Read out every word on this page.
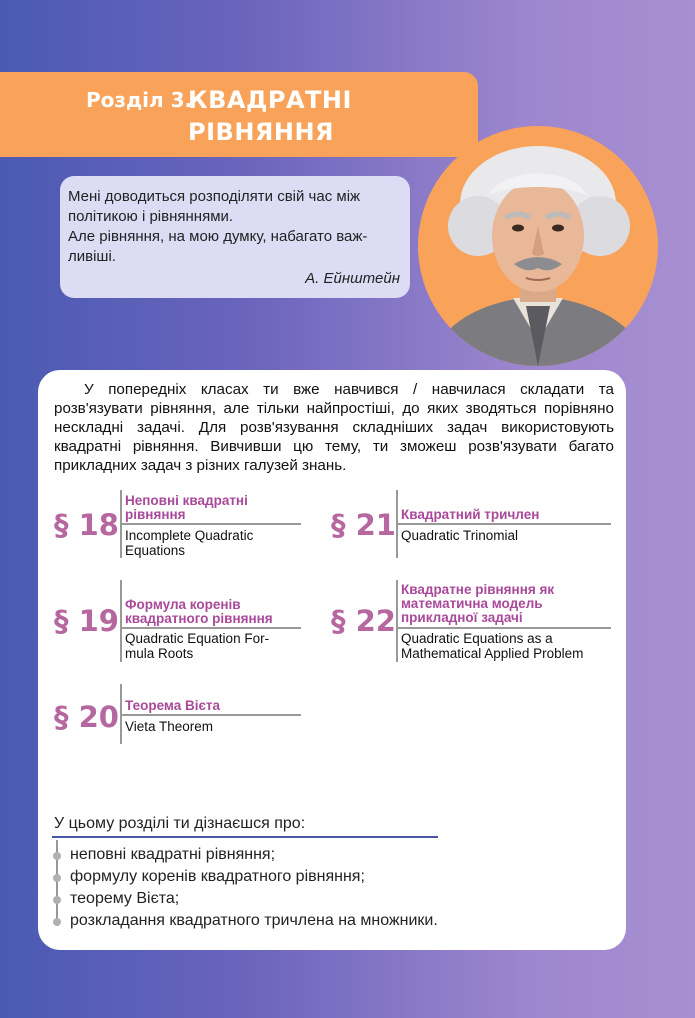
Розділ 3.
КВАДРАТНІ
РІВНЯННЯ
Мені доводиться розподіляти свій час між
політикою і рівняннями.
Але рівняння, на мою думку, набагато важ-
ливіші.
А. Ейнштейн
У попередніх класах ти вже навчився / навчилася складати та розв'язувати рівняння, але тільки найпростіші, до яких зводяться порівняно нескладні задачі. Для розв'язування складніших задач використовують квадратні рівняння. Вивчивши цю тему, ти зможеш розв'язувати багато прикладних задач з різних галузей знань.
§ 18
Неповні квадратні
рівняння
Incomplete Quadratic
Equations
§ 21 Квадратний тричлен
Quadratic Trinomial
§ 19 Формула коренів
квадратного рівняння
Quadratic Equation For-
mula Roots
§ 22
Квадратне рівняння як
математична модель
прикладної задачі
Quadratic Equations as a
Mathematical Applied Problem
§ 20 Теорема Вієта
Vieta Theorem
У цьому розділі ти дізнаєшся про:
неповні квадратні рівняння;
формулу коренів квадратного рівняння;
теорему Вієта;
розкладання квадратного тричлена на множники.
